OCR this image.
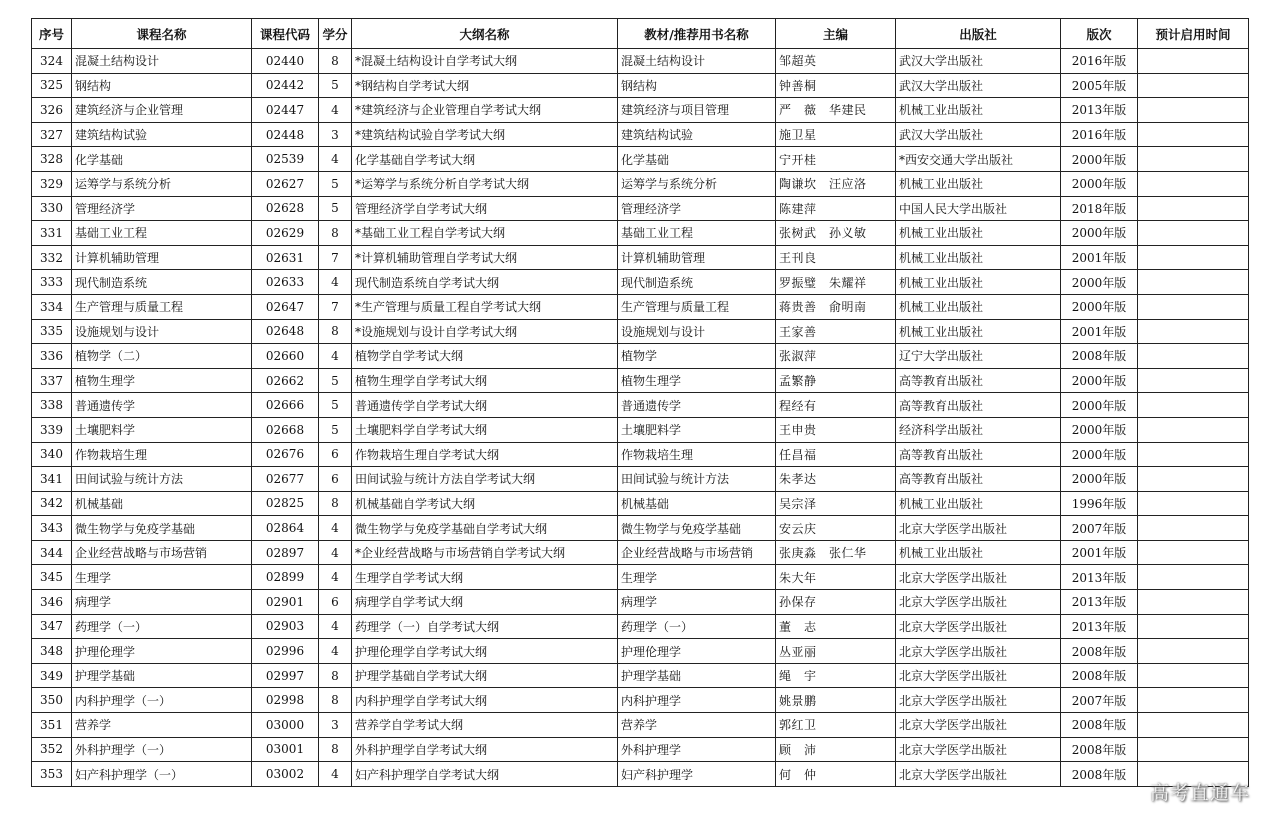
序号	课程名称	课程代码	学分	大纲名称	教材/推荐用书名称	主编	出版社	版次	预计启用时间
324	混凝土结构设计	02440	8	*混凝土结构设计自学考试大纲	混凝土结构设计	邹超英	武汉大学出版社	2016年版	
325	钢结构	02442	5	*钢结构自学考试大纲	钢结构	钟善桐	武汉大学出版社	2005年版	
326	建筑经济与企业管理	02447	4	*建筑经济与企业管理自学考试大纲	建筑经济与项目管理	严　薇　华建民	机械工业出版社	2013年版	
327	建筑结构试验	02448	3	*建筑结构试验自学考试大纲	建筑结构试验	施卫星	武汉大学出版社	2016年版	
328	化学基础	02539	4	化学基础自学考试大纲	化学基础	宁开桂	*西安交通大学出版社	2000年版	
329	运筹学与系统分析	02627	5	*运筹学与系统分析自学考试大纲	运筹学与系统分析	陶谦坎　汪应洛	机械工业出版社	2000年版	
330	管理经济学	02628	5	管理经济学自学考试大纲	管理经济学	陈建萍	中国人民大学出版社	2018年版	
331	基础工业工程	02629	8	*基础工业工程自学考试大纲	基础工业工程	张树武　孙义敏	机械工业出版社	2000年版	
332	计算机辅助管理	02631	7	*计算机辅助管理自学考试大纲	计算机辅助管理	王刊良	机械工业出版社	2001年版	
333	现代制造系统	02633	4	现代制造系统自学考试大纲	现代制造系统	罗振璧　朱耀祥	机械工业出版社	2000年版	
334	生产管理与质量工程	02647	7	*生产管理与质量工程自学考试大纲	生产管理与质量工程	蒋贵善　俞明南	机械工业出版社	2000年版	
335	设施规划与设计	02648	8	*设施规划与设计自学考试大纲	设施规划与设计	王家善	机械工业出版社	2001年版	
336	植物学（二）	02660	4	植物学自学考试大纲	植物学	张淑萍	辽宁大学出版社	2008年版	
337	植物生理学	02662	5	植物生理学自学考试大纲	植物生理学	孟繁静	高等教育出版社	2000年版	
338	普通遗传学	02666	5	普通遗传学自学考试大纲	普通遗传学	程经有	高等教育出版社	2000年版	
339	土壤肥料学	02668	5	土壤肥料学自学考试大纲	土壤肥料学	王申贵	经济科学出版社	2000年版	
340	作物栽培生理	02676	6	作物栽培生理自学考试大纲	作物栽培生理	任昌福	高等教育出版社	2000年版	
341	田间试验与统计方法	02677	6	田间试验与统计方法自学考试大纲	田间试验与统计方法	朱孝达	高等教育出版社	2000年版	
342	机械基础	02825	8	机械基础自学考试大纲	机械基础	吴宗泽	机械工业出版社	1996年版	
343	微生物学与免疫学基础	02864	4	微生物学与免疫学基础自学考试大纲	微生物学与免疫学基础	安云庆	北京大学医学出版社	2007年版	
344	企业经营战略与市场营销	02897	4	*企业经营战略与市场营销自学考试大纲	企业经营战略与市场营销	张庚淼　张仁华	机械工业出版社	2001年版	
345	生理学	02899	4	生理学自学考试大纲	生理学	朱大年	北京大学医学出版社	2013年版	
346	病理学	02901	6	病理学自学考试大纲	病理学	孙保存	北京大学医学出版社	2013年版	
347	药理学（一）	02903	4	药理学（一）自学考试大纲	药理学（一）	董　志	北京大学医学出版社	2013年版	
348	护理伦理学	02996	4	护理伦理学自学考试大纲	护理伦理学	丛亚丽	北京大学医学出版社	2008年版	
349	护理学基础	02997	8	护理学基础自学考试大纲	护理学基础	绳　宇	北京大学医学出版社	2008年版	
350	内科护理学（一）	02998	8	内科护理学自学考试大纲	内科护理学	姚景鹏	北京大学医学出版社	2007年版	
351	营养学	03000	3	营养学自学考试大纲	营养学	郭红卫	北京大学医学出版社	2008年版	
352	外科护理学（一）	03001	8	外科护理学自学考试大纲	外科护理学	顾　沛	北京大学医学出版社	2008年版	
353	妇产科护理学（一）	03002	4	妇产科护理学自学考试大纲	妇产科护理学	何　仲	北京大学医学出版社	2008年版	
高考直通车
